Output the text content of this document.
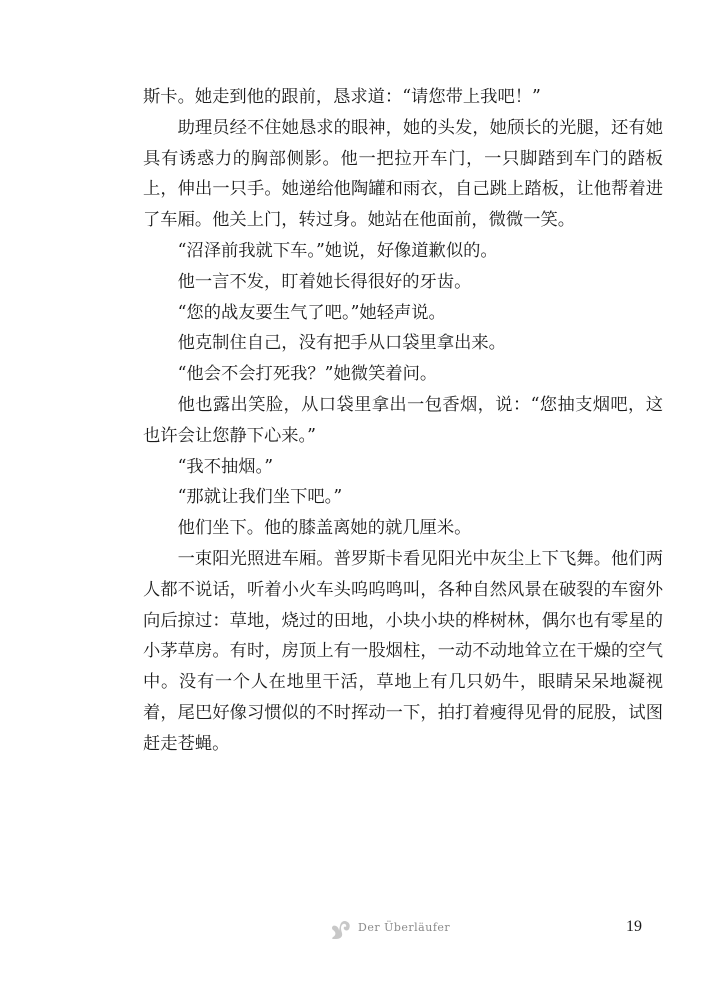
斯卡。她走到他的跟前，恳求道：“请您带上我吧！”

助理员经不住她恳求的眼神，她的头发，她颀长的光腿，还有她具有诱惑力的胸部侧影。他一把拉开车门，一只脚踏到车门的踏板上，伸出一只手。她递给他陶罐和雨衣，自己跳上踏板，让他帮着进了车厢。他关上门，转过身。她站在他面前，微微一笑。

“沼泽前我就下车。”她说，好像道歉似的。

他一言不发，盯着她长得很好的牙齿。

“您的战友要生气了吧。”她轻声说。

他克制住自己，没有把手从口袋里拿出来。

“他会不会打死我？”她微笑着问。

他也露出笑脸，从口袋里拿出一包香烟，说：“您抽支烟吧，这也许会让您静下心来。”

“我不抽烟。”

“那就让我们坐下吧。”

他们坐下。他的膝盖离她的就几厘米。

一束阳光照进车厢。普罗斯卡看见阳光中灰尘上下飞舞。他们两人都不说话，听着小火车头呜呜鸣叫，各种自然风景在破裂的车窗外向后掠过：草地，烧过的田地，小块小块的桦树林，偶尔也有零星的小茅草房。有时，房顶上有一股烟柱，一动不动地耸立在干燥的空气中。没有一个人在地里干活，草地上有几只奶牛，眼睛呆呆地凝视着，尾巴好像习惯似的不时挥动一下，拍打着瘦得见骨的屁股，试图赶走苍蝇。

Der Überläufer	19
